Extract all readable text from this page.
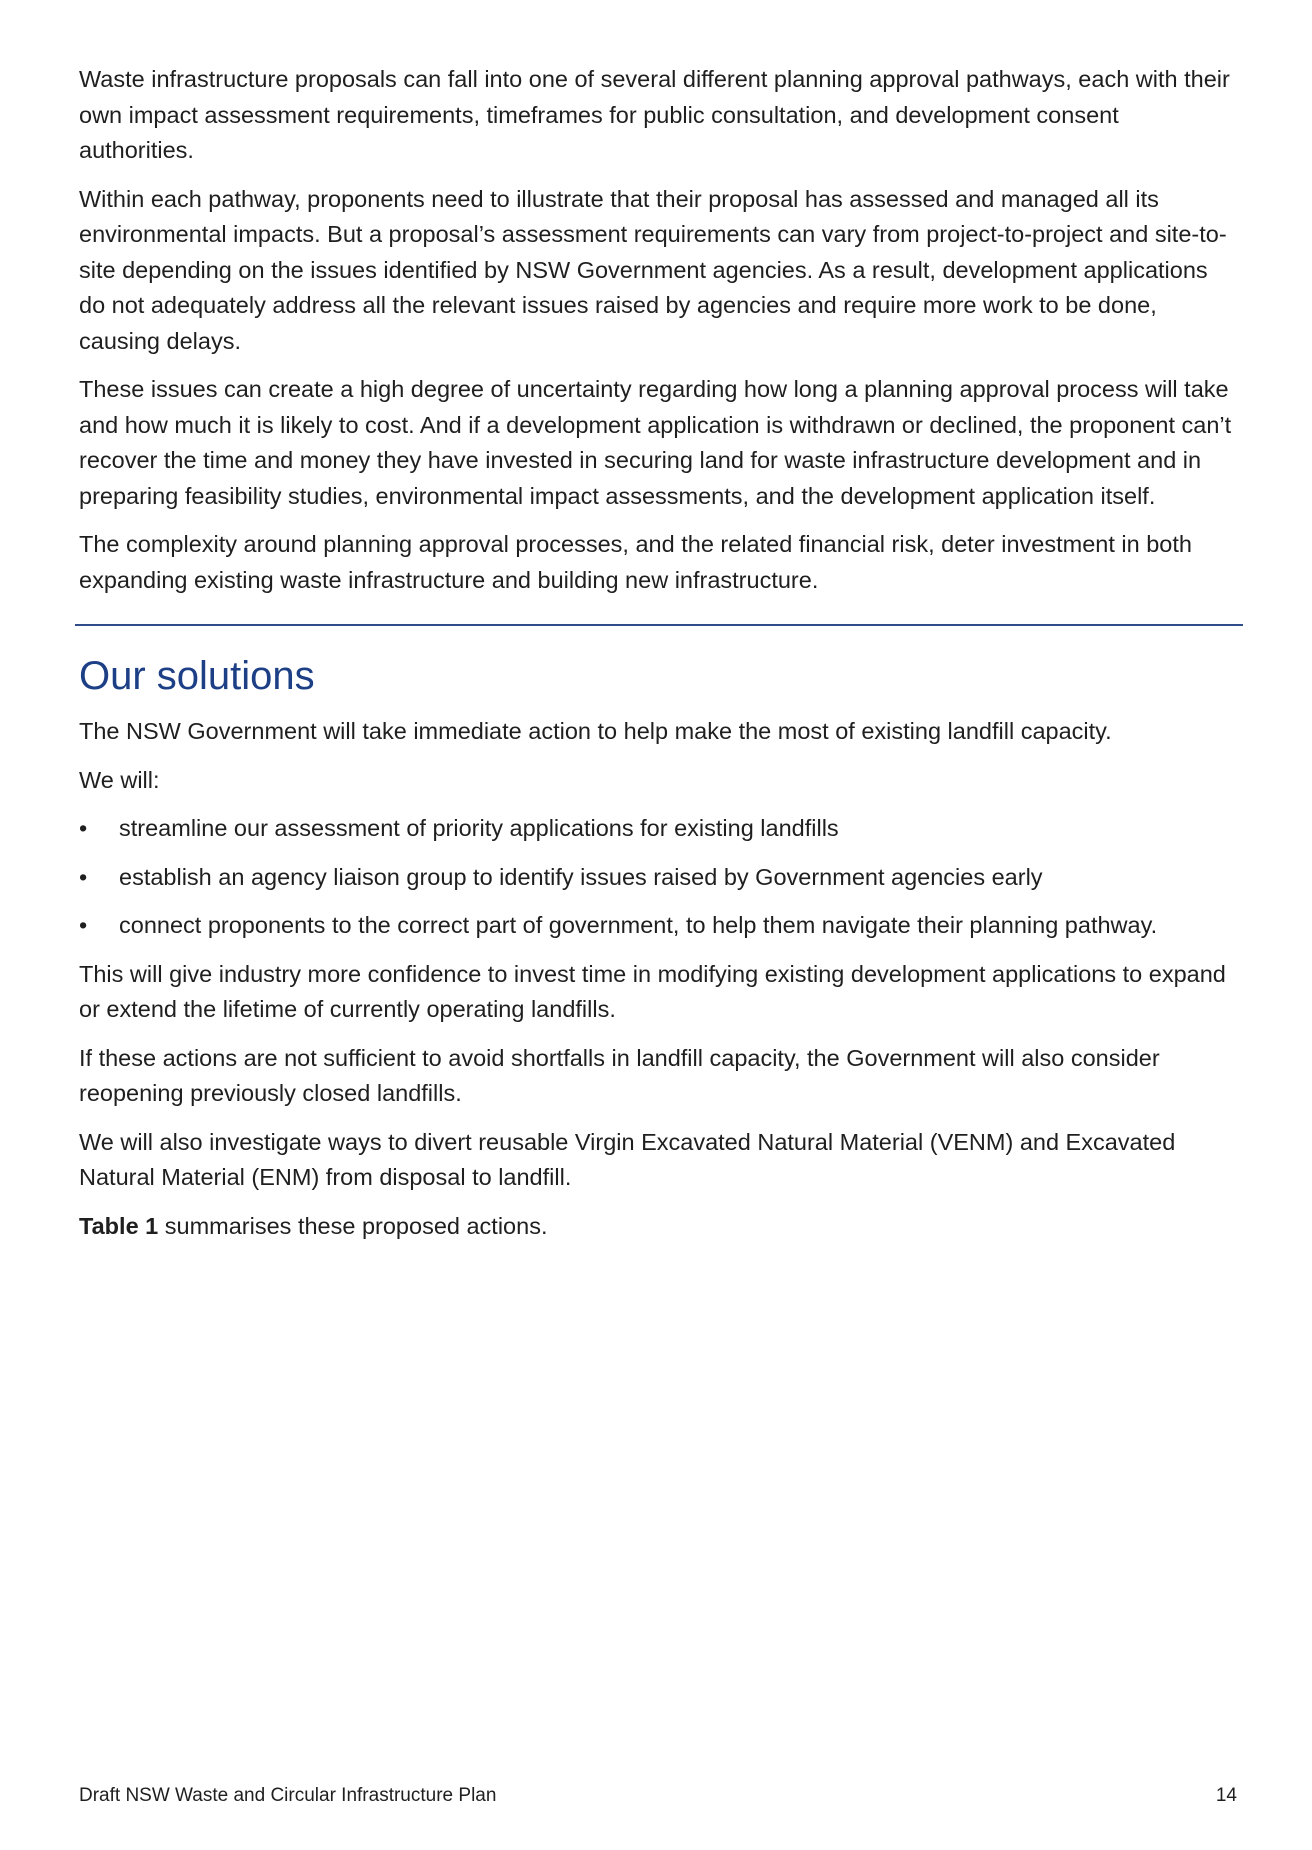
Waste infrastructure proposals can fall into one of several different planning approval pathways, each with their own impact assessment requirements, timeframes for public consultation, and development consent authorities.

Within each pathway, proponents need to illustrate that their proposal has assessed and managed all its environmental impacts. But a proposal’s assessment requirements can vary from project-to-project and site-to-site depending on the issues identified by NSW Government agencies. As a result, development applications do not adequately address all the relevant issues raised by agencies and require more work to be done, causing delays.

These issues can create a high degree of uncertainty regarding how long a planning approval process will take and how much it is likely to cost. And if a development application is withdrawn or declined, the proponent can’t recover the time and money they have invested in securing land for waste infrastructure development and in preparing feasibility studies, environmental impact assessments, and the development application itself.

The complexity around planning approval processes, and the related financial risk, deter investment in both expanding existing waste infrastructure and building new infrastructure.

Our solutions

The NSW Government will take immediate action to help make the most of existing landfill capacity.

We will:

•	streamline our assessment of priority applications for existing landfills
•	establish an agency liaison group to identify issues raised by Government agencies early
•	connect proponents to the correct part of government, to help them navigate their planning pathway.

This will give industry more confidence to invest time in modifying existing development applications to expand or extend the lifetime of currently operating landfills.

If these actions are not sufficient to avoid shortfalls in landfill capacity, the Government will also consider reopening previously closed landfills.

We will also investigate ways to divert reusable Virgin Excavated Natural Material (VENM) and Excavated Natural Material (ENM) from disposal to landfill.

Table 1 summarises these proposed actions.

Draft NSW Waste and Circular Infrastructure Plan	14
